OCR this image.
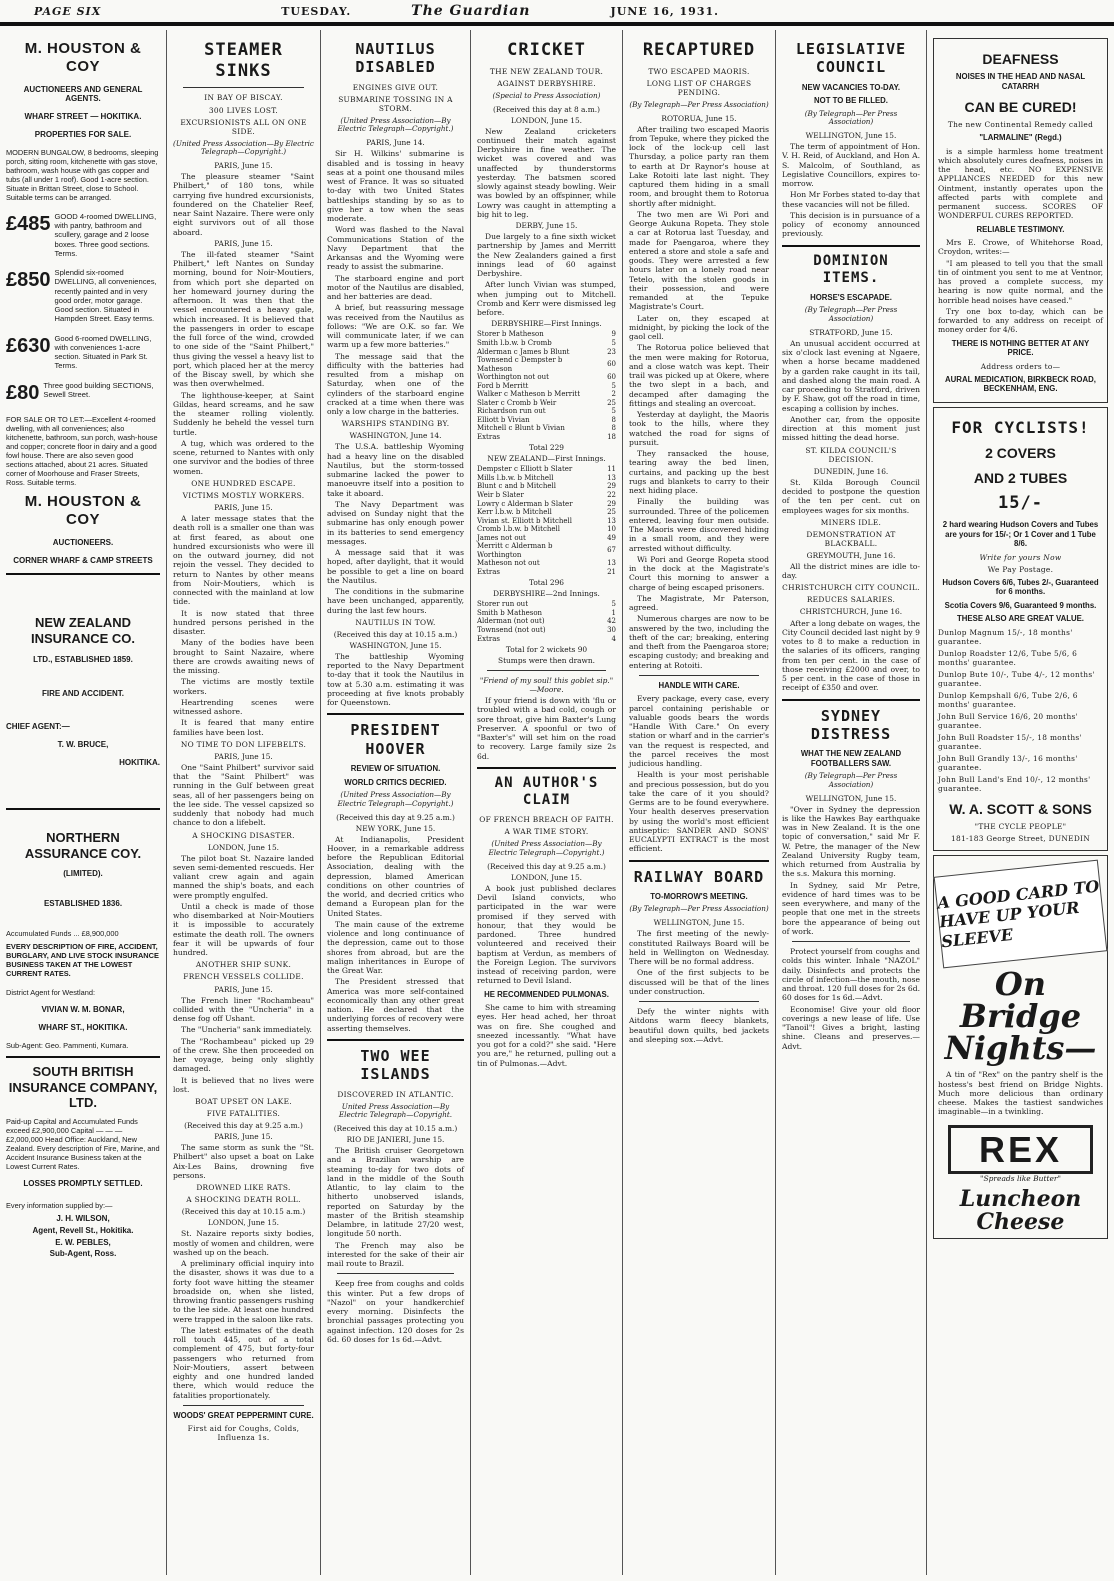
PAGE SIX	TUESDAY.	The Guardian	JUNE 16, 1931.
M. HOUSTON & COY
AUCTIONEERS AND GENERAL AGENTS.
WHARF STREET — HOKITIKA.
PROPERTIES FOR SALE.
MODERN BUNGALOW, 8 bedrooms, sleeping porch, sitting room, kitchenette with gas stove, bathroom, wash house with gas copper and tubs (all under 1 roof). Good 1-acre section. Situate in Brittan Street, close to School. Suitable terms can be arranged.
£485 GOOD 4-roomed DWELLING, with pantry, bathroom and scullery, garage and 2 loose boxes. Three good sections. Terms.
£850 Splendid six-roomed DWELLING, all conveniences, recently painted and in very good order, motor garage. Good section. Situated in Hampden Street. Easy terms.
£630 Good 6-roomed DWELLING, with conveniences 1-acre section. Situated in Park St. Terms.
£80 Three good building SECTIONS, Sewell Street.
FOR SALE OR TO LET:—Excellent 4-roomed dwelling, with all conveniences; also kitchenette, bathroom, sun porch, wash-house and copper; concrete floor in dairy and a good fowl house. There are also seven good sections attached, about 21 acres. Situated corner of Moorhouse and Fraser Streets, Ross. Suitable terms.
M. HOUSTON & COY
AUCTIONEERS.
CORNER WHARF & CAMP STREETS
NEW ZEALAND INSURANCE CO.
LTD., ESTABLISHED 1859.
FIRE AND ACCIDENT.
CHIEF AGENT:—
T. W. BRUCE,
HOKITIKA.
NORTHERN ASSURANCE COY.
(LIMITED).
ESTABLISHED 1836.
Accumulated Funds ... £8,900,000
EVERY DESCRIPTION OF FIRE, ACCIDENT, BURGLARY, AND LIVE STOCK INSURANCE BUSINESS TAKEN AT THE LOWEST CURRENT RATES.
District Agent for Westland:
VIVIAN W. M. BONAR,
WHARF ST., HOKITIKA.
Sub-Agent: Geo. Pammenti, Kumara.
SOUTH BRITISH INSURANCE COMPANY, LTD.
Paid-up Capital and Accumulated Funds exceed £2,900,000 Capital — — — £2,000,000 Head Office: Auckland, New Zealand. Every description of Fire, Marine, and Accident Insurance Business taken at the Lowest Current Rates.
LOSSES PROMPTLY SETTLED.
Every information supplied by:—
J. H. WILSON,
Agent, Revell St., Hokitika.
E. W. PEBLES,
Sub-Agent, Ross.
STEAMER SINKS
IN BAY OF BISCAY.
300 LIVES LOST.
EXCURSIONISTS ALL ON ONE SIDE.
(United Press Association—By Electric Telegraph—Copyright.)
PARIS, June 15.

The pleasure steamer "Saint Philbert," of 180 tons, while carrying five hundred excursionists, foundered on the Chatelier Reef, near Saint Nazaire. There were only eight survivors out of all those aboard.

PARIS, June 15.

The ill-fated steamer "Saint Philbert," left Nantes on Sunday morning, bound for Noir-Moutiers, from which port she departed on her homeward journey during the afternoon. It was then that the vessel encountered a heavy gale, which increased. It is believed that the passengers in order to escape the full force of the wind, crowded to one side of the "Saint Philbert," thus giving the vessel a heavy list to port, which placed her at the mercy of the Biscay swell, by which she was then overwhelmed.

The lighthouse-keeper, at Saint Gildas, heard screams, and he saw the steamer rolling violently. Suddenly he beheld the vessel turn turtle.

A tug, which was ordered to the scene, returned to Nantes with only one survivor and the bodies of three women.

ONE HUNDRED ESCAPE.
VICTIMS MOSTLY WORKERS.
PARIS, June 15.

A later message states that the death roll is a smaller one than was at first feared, as about one hundred excursionists who were ill on the outward journey, did not rejoin the vessel. They decided to return to Nantes by other means from Noir-Moutiers, which is connected with the mainland at low tide.

It is now stated that three hundred persons perished in the disaster.

Many of the bodies have been brought to Saint Nazaire, where there are crowds awaiting news of the missing.

The victims are mostly textile workers.

Heartrending scenes were witnessed ashore.

It is feared that many entire families have been lost.

NO TIME TO DON LIFEBELTS.
PARIS, June 15.

One "Saint Philbert" survivor said that the "Saint Philbert" was running in the Gulf between great seas, all of her passengers being on the lee side. The vessel capsized so suddenly that nobody had much chance to don a lifebelt.

A SHOCKING DISASTER.
LONDON, June 15.

The pilot boat St. Nazaire landed seven semi-demented rescueds. Her valiant crew again and again manned the ship's boats, and each were promptly engulfed.

Until a check is made of those who disembarked at Noir-Moutiers it is impossible to accurately estimate the death roll. The owners fear it will be upwards of four hundred.

ANOTHER SHIP SUNK.
FRENCH VESSELS COLLIDE.
PARIS, June 15.

The French liner "Rochambeau" collided with the "Uncheria" in a dense fog off Ushant.

The "Uncheria" sank immediately.

The "Rochambeau" picked up 29 of the crew. She then proceeded on her voyage, being only slightly damaged.

It is believed that no lives were lost.

BOAT UPSET ON LAKE.
FIVE FATALITIES.
(Received this day at 9.25 a.m.)
PARIS, June 15.

The same storm as sunk the "St. Philbert" also upset a boat on Lake Aix-Les Bains, drowning five persons.

DROWNED LIKE RATS.
A SHOCKING DEATH ROLL.
(Received this day at 10.15 a.m.)
LONDON, June 15.

St. Nazaire reports sixty bodies, mostly of women and children, were washed up on the beach.

A preliminary official inquiry into the disaster, shows it was due to a forty foot wave hitting the steamer broadside on, when she listed, throwing frantic passengers rushing to the lee side. At least one hundred were trapped in the saloon like rats.

The latest estimates of the death roll touch 445, out of a total complement of 475, but forty-four passengers who returned from Noir-Moutiers, assert between eighty and one hundred landed there, which would reduce the fatalities proportionately.

WOODS' GREAT PEPPERMINT CURE.
First aid for Coughs, Colds, Influenza 1s.
NAUTILUS DISABLED
ENGINES GIVE OUT.
SUBMARINE TOSSING IN A STORM.
(United Press Association—By Electric Telegraph—Copyright.)
PARIS, June 14.

Sir H. Wilkins' submarine is disabled and is tossing in heavy seas at a point one thousand miles west of France. It was so situated to-day with two United States battleships standing by so as to give her a tow when the seas moderate.

Word was flashed to the Naval Communications Station of the Navy Department that the Arkansas and the Wyoming were ready to assist the submarine.

The starboard engine and port motor of the Nautilus are disabled, and her batteries are dead.

A brief, but reassuring message was received from the Nautilus as follows: "We are O.K. so far. We will communicate later, if we can warm up a few more batteries."

The message said that the difficulty with the batteries had resulted from a mishap on Saturday, when one of the cylinders of the starboard engine cracked at a time when there was only a low charge in the batteries.

WARSHIPS STANDING BY.
WASHINGTON, June 14.

The U.S.A. battleship Wyoming had a heavy line on the disabled Nautilus, but the storm-tossed submarine lacked the power to manoeuvre itself into a position to take it aboard.

The Navy Department was advised on Sunday night that the submarine has only enough power in its batteries to send emergency messages.

A message said that it was hoped, after daylight, that it would be possible to get a line on board the Nautilus.

The conditions in the submarine have been unchanged, apparently, during the last few hours.

NAUTILUS IN TOW.
(Received this day at 10.15 a.m.)
WASHINGTON, June 15.

The battleship Wyoming reported to the Navy Department to-day that it took the Nautilus in tow at 5.30 a.m. estimating it was proceeding at five knots probably for Queenstown.

PRESIDENT HOOVER
REVIEW OF SITUATION.
WORLD CRITICS DECRIED.
(United Press Association—By Electric Telegraph—Copyright.)
(Received this day at 9.25 a.m.)
NEW YORK, June 15.

At Indianapolis, President Hoover, in a remarkable address before the Republican Editorial Association, dealing with the depression, blamed American conditions on other countries of the world, and decried critics who demand a European plan for the United States.

The main cause of the extreme violence and long continuance of the depression, came out to those shores from abroad, but are the malign inheritances in Europe of the Great War.

The President stressed that America was more self-contained economically than any other great nation. He declared that the underlying forces of recovery were asserting themselves.

TWO WEE ISLANDS
DISCOVERED IN ATLANTIC.
United Press Association—By Electric Telegraph—Copyright.
(Received this day at 10.15 a.m.)
RIO DE JANIERI, June 15.

The British cruiser Georgetown and a Brazilian warship are steaming to-day for two dots of land in the middle of the South Atlantic, to lay claim to the hitherto unobserved islands, reported on Saturday by the master of the British steamship Delambre, in latitude 27/20 west, longitude 50 north.

The French may also be interested for the sake of their air mail route to Brazil.

Keep free from coughs and colds this winter. Put a few drops of "Nazol" on your handkerchief every morning. Disinfects the bronchial passages protecting you against infection. 120 doses for 2s 6d. 60 doses for 1s 6d.—Advt.

CRICKET
THE NEW ZEALAND TOUR.
AGAINST DERBYSHIRE.
(Special to Press Association)
(Received this day at 8 a.m.)
LONDON, June 15.

New Zealand cricketers continued their match against Derbyshire in fine weather. The wicket was covered and was unaffected by thunderstorms yesterday. The batsmen scored slowly against steady bowling. Weir was bowled by an offspinner, while Lowry was caught in attempting a big hit to leg.

DERBY, June 15.

Due largely to a fine sixth wicket partnership by James and Merritt the New Zealanders gained a first innings lead of 60 against Derbyshire.

After lunch Vivian was stumped, when jumping out to Mitchell. Cromb and Kerr were dismissed leg before.

DERBYSHIRE—First Innings.
Storer b Matheson	9
Smith l.b.w. b Cromb	5
Alderman c James b Blunt	23
Townsend c Dempster b Matheson	60
Worthington not out	60
Ford b Merritt	5
Walker c Matheson b Merritt	2
Slater c Cromb b Weir	25
Richardson run out	5
Elliott b Vivian	8
Mitchell c Blunt b Vivian	8
Extras	18
Total 229
NEW ZEALAND—First Innings.
Dempster c Elliott b Slater	11
Mills l.b.w. b Mitchell	13
Blunt c and b Mitchell	29
Weir b Slater	22
Lowry c Alderman b Slater	29
Kerr l.b.w. b Mitchell	25
Vivian st. Elliott b Mitchell	13
Cromb l.b.w. b Mitchell	10
James not out	49
Merritt c Alderman b Worthington	67
Matheson not out	13
Extras	21
Total 296
DERBYSHIRE—2nd Innings.
Storer run out	5
Smith b Matheson	1
Alderman (not out)	42
Townsend (not out)	30
Extras	4
Total for 2 wickets 90
Stumps were then drawn.
"Friend of my soul! this goblet sip." —Moore.

If your friend is down with 'flu or troubled with a bad cold, cough or sore throat, give him Baxter's Lung Preserver. A spoonful or two of "Baxter's" will set him on the road to recovery. Large family size 2s 6d.

AN AUTHOR'S CLAIM
OF FRENCH BREACH OF FAITH.
A WAR TIME STORY.
(United Press Association—By Electric Telegraph—Copyright.)
(Received this day at 9.25 a.m.)
LONDON, June 15.

A book just published declares Devil Island convicts, who participated in the war were promised if they served with honour, that they would be pardoned. Three hundred volunteered and received their baptism at Verdun, as members of the Foreign Legion. The survivors instead of receiving pardon, were returned to Devil Island.

HE RECOMMENDED PULMONAS.

She came to him with streaming eyes. Her head ached, her throat was on fire. She coughed and sneezed incessantly. "What have you got for a cold?" she said. "Here you are," he returned, pulling out a tin of Pulmonas.—Advt.

RECAPTURED
TWO ESCAPED MAORIS.
LONG LIST OF CHARGES PENDING.
(By Telegraph—Per Press Association)
ROTORUA, June 15.

After trailing two escaped Maoris from Tepuke, where they picked the lock of the lock-up cell last Thursday, a police party ran them to earth at Dr Raynor's house at Lake Rotoiti late last night. They captured them hiding in a small room, and brought them to Rotorua shortly after midnight.

The two men are Wi Pori and George Aukuna Ropeta. They stole a car at Rotorua last Tuesday, and made for Paengaroa, where they entered a store and stole a safe and goods. They were arrested a few hours later on a lonely road near Tetelo, with the stolen goods in their possession, and were remanded at the Tepuke Magistrate's Court.

Later on, they escaped at midnight, by picking the lock of the gaol cell.

The Rotorua police believed that the men were making for Rotorua, and a close watch was kept. Their trail was picked up at Okere, where the two slept in a bach, and decamped after damaging the fittings and stealing an overcoat.

Yesterday at daylight, the Maoris took to the hills, where they watched the road for signs of pursuit.

They ransacked the house, tearing away the bed linen, curtains, and packing up the best rugs and blankets to carry to their next hiding place.

Finally the building was surrounded. Three of the policemen entered, leaving four men outside. The Maoris were discovered hiding in a small room, and they were arrested without difficulty.

Wi Pori and George Ropeta stood in the dock at the Magistrate's Court this morning to answer a charge of being escaped prisoners.

The Magistrate, Mr Paterson, agreed.

Numerous charges are now to be answered by the two, including the theft of the car; breaking, entering and theft from the Paengaroa store; escaping custody; and breaking and entering at Rotoiti.

HANDLE WITH CARE.

Every package, every case, every parcel containing perishable or valuable goods bears the words "Handle With Care." On every station or wharf and in the carrier's van the request is respected, and the parcel receives the most judicious handling.

Health is your most perishable and precious possession, but do you take the care of it you should? Germs are to be found everywhere. Your health deserves preservation by using the world's most efficient antiseptic: SANDER AND SONS' EUCALYPTI EXTRACT is the most efficient.

RAILWAY BOARD
TO-MORROW'S MEETING.
(By Telegraph—Per Press Association)
WELLINGTON, June 15.

The first meeting of the newly-constituted Railways Board will be held in Wellington on Wednesday. There will be no formal address.

One of the first subjects to be discussed will be that of the lines under construction.

Defy the winter nights with Aitdons warm fleecy blankets, beautiful down quilts, bed jackets and sleeping sox.—Advt.

LEGISLATIVE COUNCIL
NEW VACANCIES TO-DAY.
NOT TO BE FILLED.
(By Telegraph—Per Press Association)
WELLINGTON, June 15.

The term of appointment of Hon. V. H. Reid, of Auckland, and Hon A. S. Malcolm, of Southland, as Legislative Councillors, expires to-morrow.

Hon Mr Forbes stated to-day that these vacancies will not be filled.

This decision is in pursuance of a policy of economy announced previously.

DOMINION ITEMS.
HORSE'S ESCAPADE.
(By Telegraph—Per Press Association)
STRATFORD, June 15.

An unusual accident occurred at six o'clock last evening at Ngaere, when a horse became maddened by a garden rake caught in its tail, and dashed along the main road. A car proceeding to Stratford, driven by F. Shaw, got off the road in time, escaping a collision by inches.

Another car, from the opposite direction at this moment just missed hitting the dead horse.

ST. KILDA COUNCIL'S DECISION.
DUNEDIN, June 16.

St. Kilda Borough Council decided to postpone the question of the ten per cent. cut on employees wages for six months.

MINERS IDLE.
DEMONSTRATION AT BLACKBALL.
GREYMOUTH, June 16.

All the district mines are idle to-day.

CHRISTCHURCH CITY COUNCIL.
REDUCES SALARIES.
CHRISTCHURCH, June 16.

After a long debate on wages, the City Council decided last night by 9 votes to 8 to make a reduction in the salaries of its officers, ranging from ten per cent. in the case of those receiving £2000 and over, to 5 per cent. in the case of those in receipt of £350 and over.

SYDNEY DISTRESS
WHAT THE NEW ZEALAND FOOTBALLERS SAW.
(By Telegraph—Per Press Association)
WELLINGTON, June 15.

"Over in Sydney the depression is like the Hawkes Bay earthquake was in New Zealand. It is the one topic of conversation," said Mr F. W. Petre, the manager of the New Zealand University Rugby team, which returned from Australia by the s.s. Makura this morning.

In Sydney, said Mr Petre, evidence of hard times was to be seen everywhere, and many of the people that one met in the streets bore the appearance of being out of work.

Protect yourself from coughs and colds this winter. Inhale "NAZOL" daily. Disinfects and protects the circle of infection—the mouth, nose and throat. 120 full doses for 2s 6d. 60 doses for 1s 6d.—Advt.

Economise! Give your old floor coverings a new lease of life. Use "Tanoil"! Gives a bright, lasting shine. Cleans and preserves.—Advt.

DEAFNESS
NOISES IN THE HEAD AND NASAL CATARRH
CAN BE CURED!
The new Continental Remedy called
"LARMALINE" (Regd.)

is a simple harmless home treatment which absolutely cures deafness, noises in the head, etc. NO EXPENSIVE APPLIANCES NEEDED for this new Ointment, instantly operates upon the affected parts with complete and permanent success. SCORES OF WONDERFUL CURES REPORTED.

RELIABLE TESTIMONY.

Mrs E. Crowe, of Whitehorse Road, Croydon, writes:—

"I am pleased to tell you that the small tin of ointment you sent to me at Ventnor, has proved a complete success, my hearing is now quite normal, and the horrible head noises have ceased."

Try one box to-day, which can be forwarded to any address on receipt of money order for 4/6.

THERE IS NOTHING BETTER AT ANY PRICE.
Address orders to—
AURAL MEDICATION, BIRKBECK ROAD, BECKENHAM, ENG.
FOR CYCLISTS!
2 COVERS
AND 2 TUBES
15/-
2 hard wearing Hudson Covers and Tubes are yours for 15/-; Or 1 Cover and 1 Tube 8/6.
Write for yours Now
We Pay Postage.
Hudson Covers 6/6, Tubes 2/-, Guaranteed for 6 months.
Scotia Covers 9/6, Guaranteed 9 months.
THESE ALSO ARE GREAT VALUE.
Dunlop Magnum 15/-, 18 months' guarantee.
Dunlop Roadster 12/6, Tube 5/6, 6 months' guarantee.
Dunlop Bute 10/-, Tube 4/-, 12 months' guarantee.
Dunlop Kempshall 6/6, Tube 2/6, 6 months' guarantee.
John Bull Service 16/6, 20 months' guarantee.
John Bull Roadster 15/-, 18 months' guarantee.
John Bull Grandly 13/-, 16 months' guarantee.
John Bull Land's End 10/-, 12 months' guarantee.
W. A. SCOTT & SONS
"THE CYCLE PEOPLE"
181-183 George Street, DUNEDIN
A GOOD CARD TO HAVE UP YOUR SLEEVE
On Bridge Nights—

A tin of "Rex" on the pantry shelf is the hostess's best friend on Bridge Nights. Much more delicious than ordinary cheese. Makes the tastiest sandwiches imaginable—in a twinkling.

REX
"Spreads like Butter"
Luncheon Cheese
